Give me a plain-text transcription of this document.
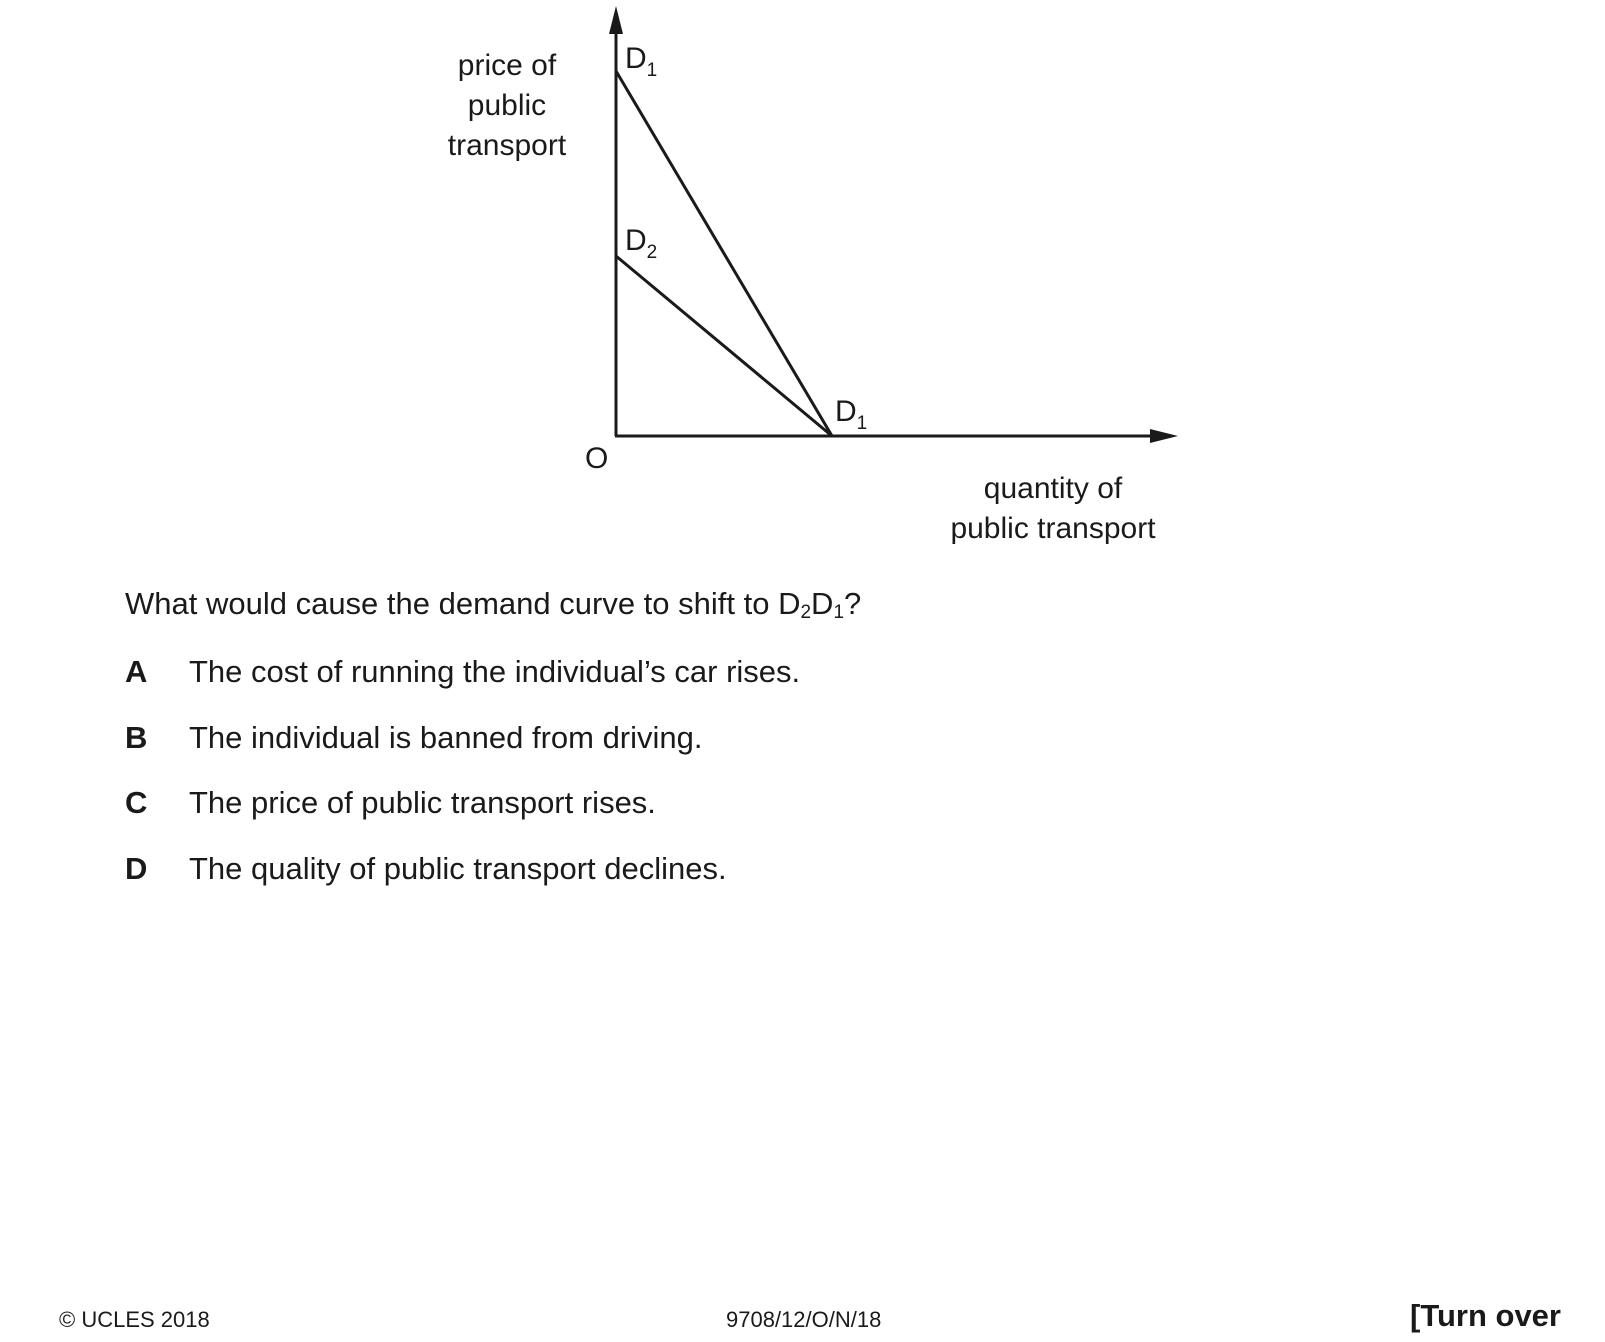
price of
public
transport
quantity of
public transport
O
$D_1$
$D_2$
$D_1$
What would cause the demand curve to shift to $D_2D_1$?
A	The cost of running the individual’s car rises.
B	The individual is banned from driving.
C	The price of public transport rises.
D	The quality of public transport declines.
© UCLES 2018	9708/12/O/N/18	[Turn over
